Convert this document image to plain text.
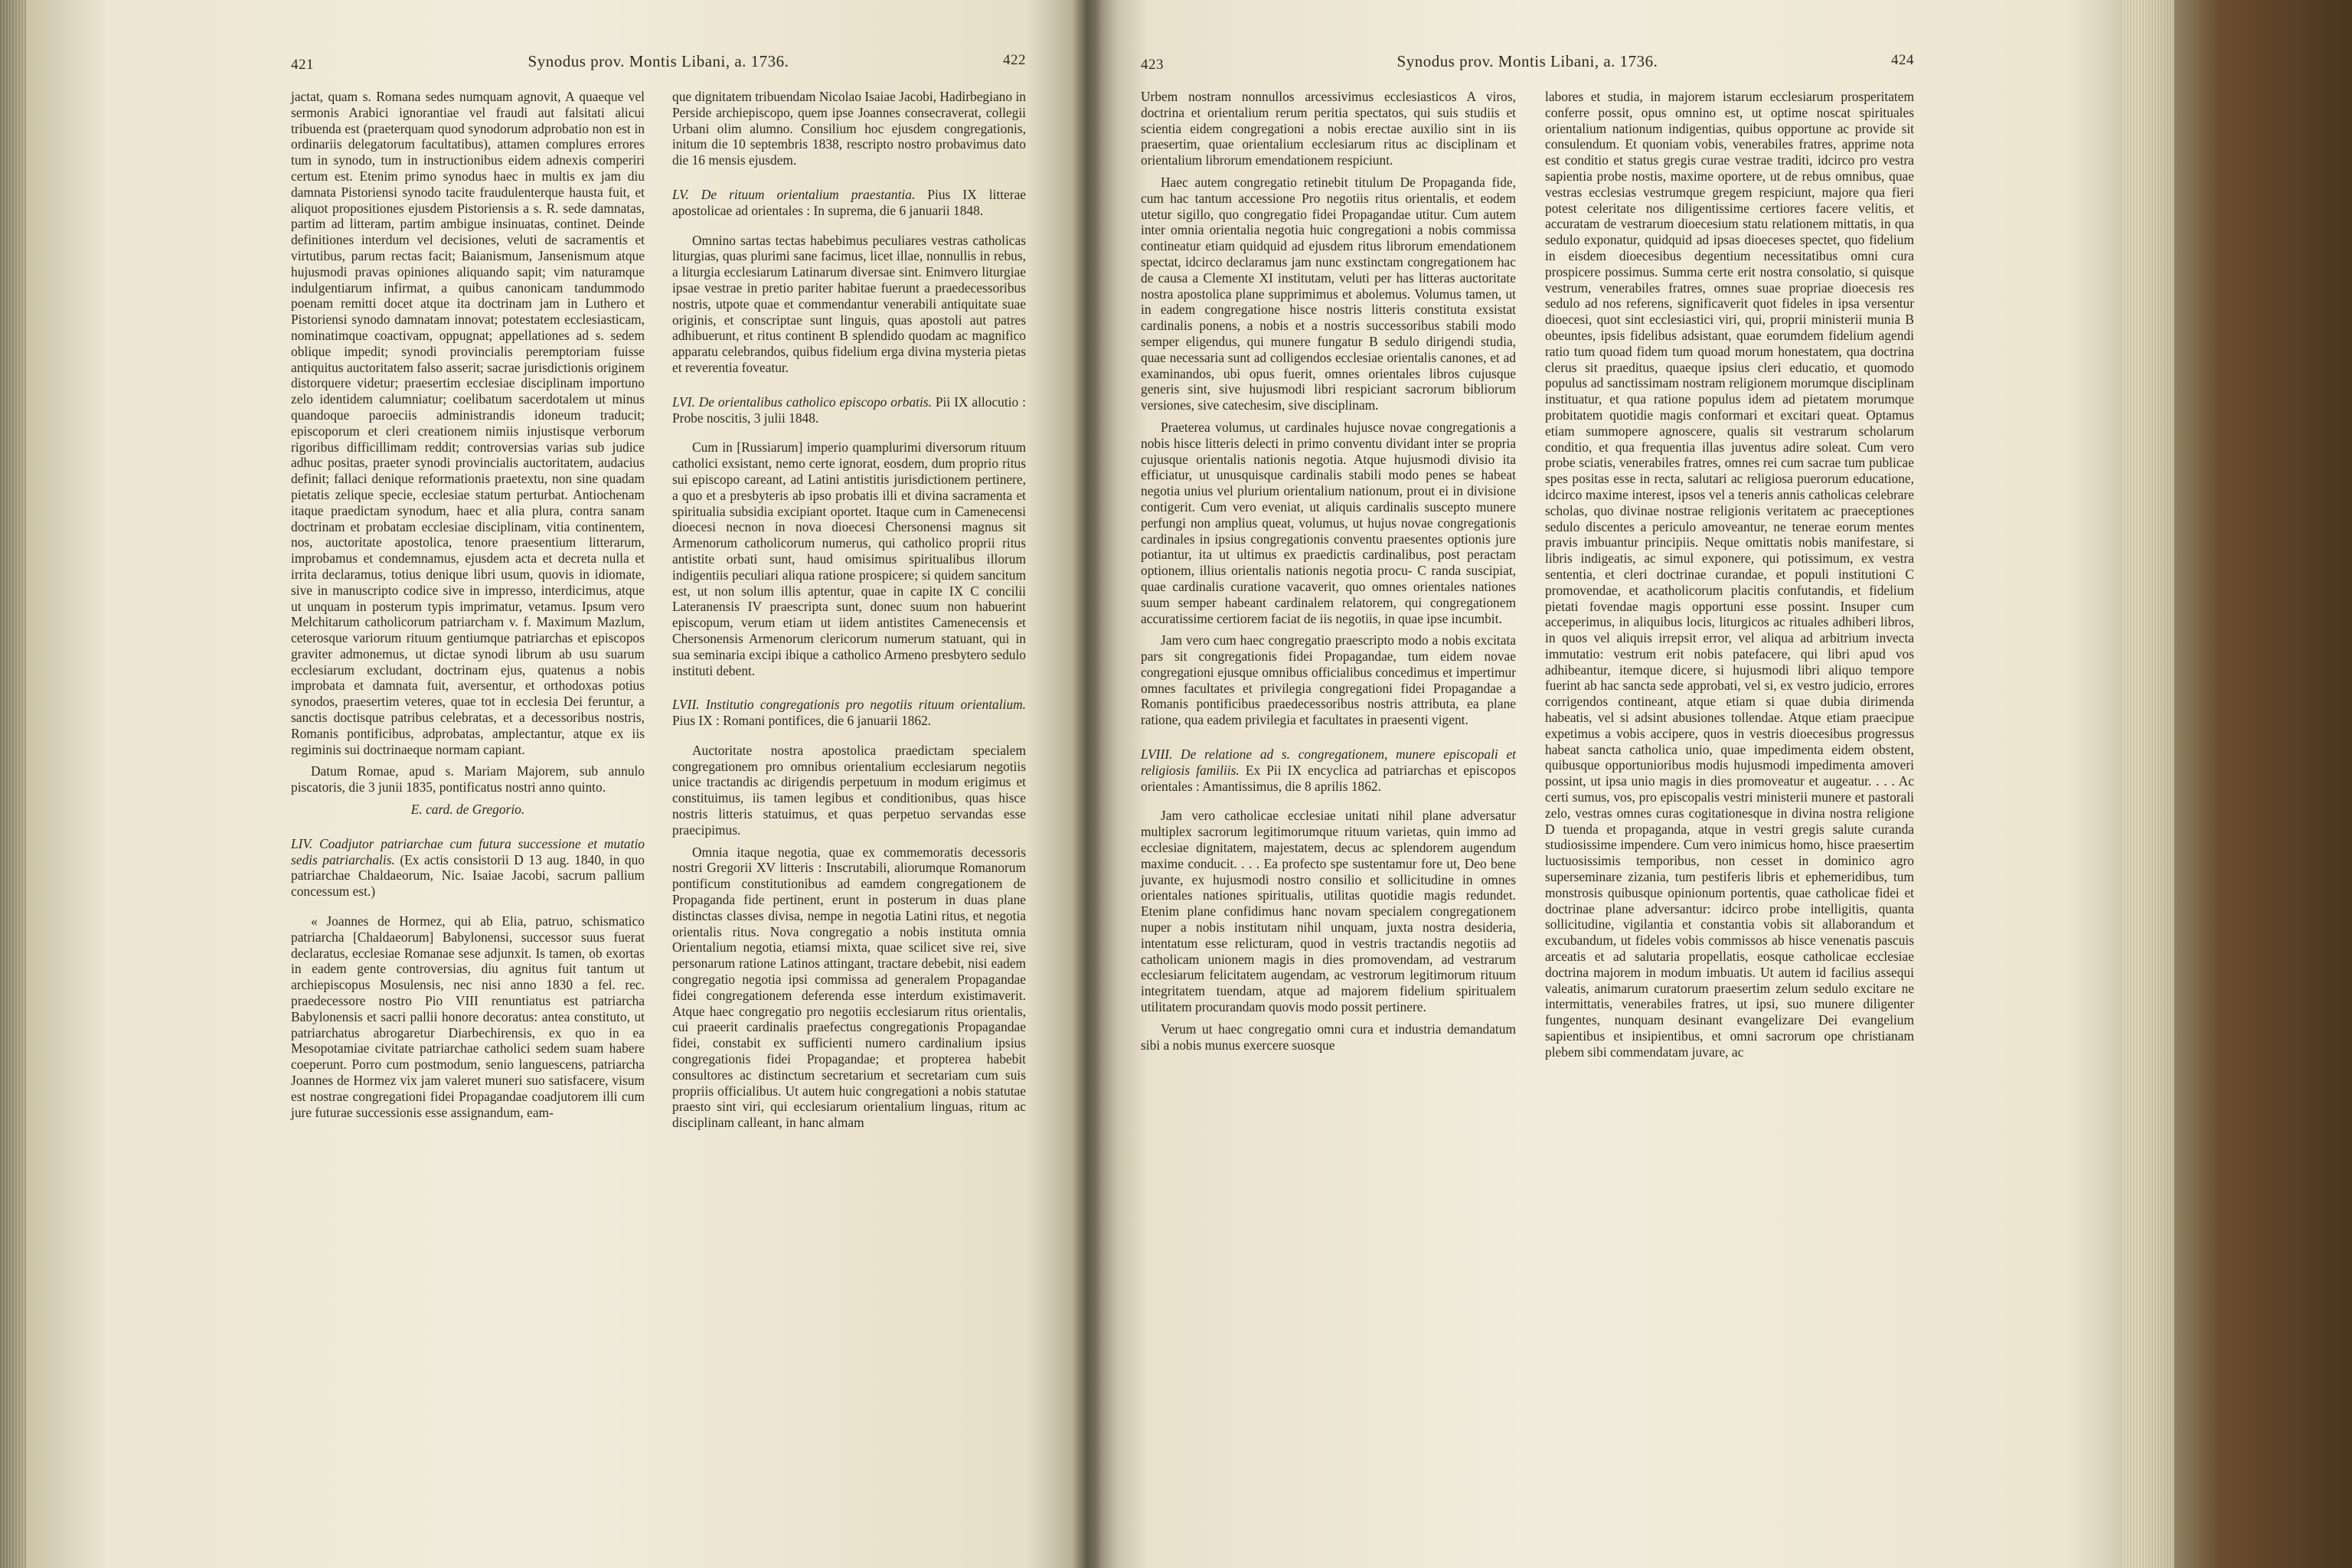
421	Synodus prov. Montis Libani, a. 1736.	422

jactat, quam s. Romana sedes numquam agnovit, A quaeque vel sermonis Arabici ignorantiae vel fraudi aut falsitati alicui tribuenda est (praeterquam quod synodorum adprobatio non est in ordinariis delegatorum facultatibus), attamen complures errores tum in synodo, tum in instructionibus eidem adnexis comperiri certum est. Etenim primo synodus haec in multis ex jam diu damnata Pistoriensi synodo tacite fraudulenterque hausta fuit, et aliquot propositiones ejusdem Pistoriensis a s. R. sede damnatas, partim ad litteram, partim ambigue insinuatas, continet. Deinde definitiones interdum vel decisiones, veluti de sacramentis et virtutibus, parum rectas facit; Baianismum, Jansenismum atque hujusmodi pravas opiniones aliquando sapit; vim naturamque indulgentiarum infirmat, a quibus canonicam tandummodo poenam remitti docet atque ita doctrinam jam in Luthero et Pistoriensi synodo damnatam innovat; potestatem ecclesiasticam, nominatimque coactivam, oppugnat; appellationes ad s. sedem oblique impedit; synodi provincialis peremptoriam fuisse antiquitus auctoritatem falso asserit; sacrae jurisdictionis originem distorquere videtur; praesertim ecclesiae disciplinam importuno zelo identidem calumniatur; coelibatum sacerdotalem ut minus quandoque paroeciis administrandis idoneum traducit; episcoporum et cleri creationem nimiis injustisque verborum rigoribus difficillimam reddit; controversias varias sub judice adhuc positas, praeter synodi provincialis auctoritatem, audacius definit; fallaci denique reformationis praetextu, non sine quadam pietatis zelique specie, ecclesiae statum perturbat. Antiochenam itaque praedictam synodum, haec et alia plura, contra sanam doctrinam et probatam ecclesiae disciplinam, vitia continentem, nos, auctoritate apostolica, tenore praesentium litterarum, improbamus et condemnamus, ejusdem acta et decreta nulla et irrita declaramus, totius denique libri usum, quovis in idiomate, sive in manuscripto codice sive in impresso, interdicimus, atque ut unquam in posterum typis imprimatur, vetamus. Ipsum vero Melchitarum catholicorum patriarcham v. f. Maximum Mazlum, ceterosque variorum rituum gentiumque patriarchas et episcopos graviter admonemus, ut dictae synodi librum ab usu suarum ecclesiarum excludant, doctrinam ejus, quatenus a nobis improbata et damnata fuit, aversentur, et orthodoxas potius synodos, praesertim veteres, quae tot in ecclesia Dei feruntur, a sanctis doctisque patribus celebratas, et a decessoribus nostris, Romanis pontificibus, adprobatas, amplectantur, atque ex iis regiminis sui doctrinaeque normam capiant.

Datum Romae, apud s. Mariam Majorem, sub annulo piscatoris, die 3 junii 1835, pontificatus nostri anno quinto.

E. card. de Gregorio.

LIV. Coadjutor patriarchae cum futura successione et mutatio sedis patriarchalis. (Ex actis consistorii D 13 aug. 1840, in quo patriarchae Chaldaeorum, Nic. Isaiae Jacobi, sacrum pallium concessum est.)

« Joannes de Hormez, qui ab Elia, patruo, schismatico patriarcha [Chaldaeorum] Babylonensi, successor suus fuerat declaratus, ecclesiae Romanae sese adjunxit. Is tamen, ob exortas in eadem gente controversias, diu agnitus fuit tantum ut archiepiscopus Mosulensis, nec nisi anno 1830 a fel. rec. praedecessore nostro Pio VIII renuntiatus est patriarcha Babylonensis et sacri pallii honore decoratus: antea constituto, ut patriarchatus abrogaretur Diarbechirensis, ex quo in ea Mesopotamiae civitate patriarchae catholici sedem suam habere coeperunt. Porro cum postmodum, senio languescens, patriarcha Joannes de Hormez vix jam valeret muneri suo satisfacere, visum est nostrae congregationi fidei Propagandae coadjutorem illi cum jure futurae successionis esse assignandum, eam-

que dignitatem tribuendam Nicolao Isaiae Jacobi, Hadirbegiano in Perside archiepiscopo, quem ipse Joannes consecraverat, collegii Urbani olim alumno. Consilium hoc ejusdem congregationis, initum die 10 septembris 1838, rescripto nostro probavimus dato die 16 mensis ejusdem.

LV. De rituum orientalium praestantia. Pius IX litterae apostolicae ad orientales : In suprema, die 6 januarii 1848.

Omnino sartas tectas habebimus peculiares vestras catholicas liturgias, quas plurimi sane facimus, licet illae, nonnullis in rebus, a liturgia ecclesiarum Latinarum diversae sint. Enimvero liturgiae ipsae vestrae in pretio pariter habitae fuerunt a praedecessoribus nostris, utpote quae et commendantur venerabili antiquitate suae originis, et conscriptae sunt linguis, quas apostoli aut patres adhibuerunt, et ritus continent B splendido quodam ac magnifico apparatu celebrandos, quibus fidelium erga divina mysteria pietas et reverentia foveatur.

LVI. De orientalibus catholico episcopo orbatis. Pii IX allocutio : Probe noscitis, 3 julii 1848.

Cum in [Russiarum] imperio quamplurimi diversorum rituum catholici exsistant, nemo certe ignorat, eosdem, dum proprio ritus sui episcopo careant, ad Latini antistitis jurisdictionem pertinere, a quo et a presbyteris ab ipso probatis illi et divina sacramenta et spiritualia subsidia excipiant oportet. Itaque cum in Camenecensi dioecesi necnon in nova dioecesi Chersonensi magnus sit Armenorum catholicorum numerus, qui catholico proprii ritus antistite orbati sunt, haud omisimus spiritualibus illorum indigentiis peculiari aliqua ratione prospicere; si quidem sancitum est, ut non solum illis aptentur, quae in capite IX C concilii Lateranensis IV praescripta sunt, donec suum non habuerint episcopum, verum etiam ut iidem antistites Camenecensis et Chersonensis Armenorum clericorum numerum statuant, qui in sua seminaria excipi ibique a catholico Armeno presbytero sedulo instituti debent.

LVII. Institutio congregationis pro negotiis rituum orientalium. Pius IX : Romani pontifices, die 6 januarii 1862.

Auctoritate nostra apostolica praedictam specialem congregationem pro omnibus orientalium ecclesiarum negotiis unice tractandis ac dirigendis perpetuum in modum erigimus et constituimus, iis tamen legibus et conditionibus, quas hisce nostris litteris statuimus, et quas perpetuo servandas esse praecipimus.

Omnia itaque negotia, quae ex commemoratis decessoris nostri Gregorii XV litteris : Inscrutabili, aliorumque Romanorum pontificum constitutionibus ad eamdem congregationem de Propaganda fide pertinent, erunt in posterum in duas plane distinctas classes divisa, nempe in negotia Latini ritus, et negotia orientalis ritus. Nova congregatio a nobis instituta omnia Orientalium negotia, etiamsi mixta, quae scilicet sive rei, sive personarum ratione Latinos attingant, tractare debebit, nisi eadem congregatio negotia ipsi commissa ad generalem Propagandae fidei congregationem deferenda esse interdum existimaverit. Atque haec congregatio pro negotiis ecclesiarum ritus orientalis, cui praeerit cardinalis praefectus congregationis Propagandae fidei, constabit ex sufficienti numero cardinalium ipsius congregationis fidei Propagandae; et propterea habebit consultores ac distinctum secretarium et secretariam cum suis propriis officialibus. Ut autem huic congregationi a nobis statutae praesto sint viri, qui ecclesiarum orientalium linguas, ritum ac disciplinam calleant, in hanc almam

423	Synodus prov. Montis Libani, a. 1736.	424

Urbem nostram nonnullos arcessivimus ecclesiasticos A viros, doctrina et orientalium rerum peritia spectatos, qui suis studiis et scientia eidem congregationi a nobis erectae auxilio sint in iis praesertim, quae orientalium ecclesiarum ritus ac disciplinam et orientalium librorum emendationem respiciunt.

Haec autem congregatio retinebit titulum De Propaganda fide, cum hac tantum accessione Pro negotiis ritus orientalis, et eodem utetur sigillo, quo congregatio fidei Propagandae utitur. Cum autem inter omnia orientalia negotia huic congregationi a nobis commissa contineatur etiam quidquid ad ejusdem ritus librorum emendationem spectat, idcirco declaramus jam nunc exstinctam congregationem hac de causa a Clemente XI institutam, veluti per has litteras auctoritate nostra apostolica plane supprimimus et abolemus. Volumus tamen, ut in eadem congregatione hisce nostris litteris constituta exsistat cardinalis ponens, a nobis et a nostris successoribus stabili modo semper eligendus, qui munere fungatur B sedulo dirigendi studia, quae necessaria sunt ad colligendos ecclesiae orientalis canones, et ad examinandos, ubi opus fuerit, omnes orientales libros cujusque generis sint, sive hujusmodi libri respiciant sacrorum bibliorum versiones, sive catechesim, sive disciplinam.

Praeterea volumus, ut cardinales hujusce novae congregationis a nobis hisce litteris delecti in primo conventu dividant inter se propria cujusque orientalis nationis negotia. Atque hujusmodi divisio ita efficiatur, ut unusquisque cardinalis stabili modo penes se habeat negotia unius vel plurium orientalium nationum, prout ei in divisione contigerit. Cum vero eveniat, ut aliquis cardinalis suscepto munere perfungi non amplius queat, volumus, ut hujus novae congregationis cardinales in ipsius congregationis conventu praesentes optionis jure potiantur, ita ut ultimus ex praedictis cardinalibus, post peractam optionem, illius orientalis nationis negotia procu- C randa suscipiat, quae cardinalis curatione vacaverit, quo omnes orientales nationes suum semper habeant cardinalem relatorem, qui congregationem accuratissime certiorem faciat de iis negotiis, in quae ipse incumbit.

Jam vero cum haec congregatio praescripto modo a nobis excitata pars sit congregationis fidei Propagandae, tum eidem novae congregationi ejusque omnibus officialibus concedimus et impertimur omnes facultates et privilegia congregationi fidei Propagandae a Romanis pontificibus praedecessoribus nostris attributa, ea plane ratione, qua eadem privilegia et facultates in praesenti vigent.

LVIII. De relatione ad s. congregationem, munere episcopali et religiosis familiis. Ex Pii IX encyclica ad patriarchas et episcopos orientales : Amantissimus, die 8 aprilis 1862.

Jam vero catholicae ecclesiae unitati nihil plane adversatur multiplex sacrorum legitimorumque rituum varietas, quin immo ad ecclesiae dignitatem, majestatem, decus ac splendorem augendum maxime conducit. . . . Ea profecto spe sustentamur fore ut, Deo bene juvante, ex hujusmodi nostro consilio et sollicitudine in omnes orientales nationes spiritualis, utilitas quotidie magis redundet. Etenim plane confidimus hanc novam specialem congregationem nuper a nobis institutam nihil unquam, juxta nostra desideria, intentatum esse relicturam, quod in vestris tractandis negotiis ad catholicam unionem magis in dies promovendam, ad vestrarum ecclesiarum felicitatem augendam, ac vestrorum legitimorum rituum integritatem tuendam, atque ad majorem fidelium spiritualem utilitatem procurandam quovis modo possit pertinere.

Verum ut haec congregatio omni cura et industria demandatum sibi a nobis munus exercere suosque

labores et studia, in majorem istarum ecclesiarum prosperitatem conferre possit, opus omnino est, ut optime noscat spirituales orientalium nationum indigentias, quibus opportune ac provide sit consulendum. Et quoniam vobis, venerabiles fratres, apprime nota est conditio et status gregis curae vestrae traditi, idcirco pro vestra sapientia probe nostis, maxime oportere, ut de rebus omnibus, quae vestras ecclesias vestrumque gregem respiciunt, majore qua fieri potest celeritate nos diligentissime certiores facere velitis, et accuratam de vestrarum dioecesium statu relationem mittatis, in qua sedulo exponatur, quidquid ad ipsas dioeceses spectet, quo fidelium in eisdem dioecesibus degentium necessitatibus omni cura prospicere possimus. Summa certe erit nostra consolatio, si quisque vestrum, venerabiles fratres, omnes suae propriae dioecesis res sedulo ad nos referens, significaverit quot fideles in ipsa versentur dioecesi, quot sint ecclesiastici viri, qui, proprii ministerii munia B obeuntes, ipsis fidelibus adsistant, quae eorumdem fidelium agendi ratio tum quoad fidem tum quoad morum honestatem, qua doctrina clerus sit praeditus, quaeque ipsius cleri educatio, et quomodo populus ad sanctissimam nostram religionem morumque disciplinam instituatur, et qua ratione populus idem ad pietatem morumque probitatem quotidie magis conformari et excitari queat. Optamus etiam summopere agnoscere, qualis sit vestrarum scholarum conditio, et qua frequentia illas juventus adire soleat. Cum vero probe sciatis, venerabiles fratres, omnes rei cum sacrae tum publicae spes positas esse in recta, salutari ac religiosa puerorum educatione, idcirco maxime interest, ipsos vel a teneris annis catholicas celebrare scholas, quo divinae nostrae religionis veritatem ac praeceptiones sedulo discentes a periculo amoveantur, ne tenerae eorum mentes pravis imbuantur principiis. Neque omittatis nobis manifestare, si libris indigeatis, ac simul exponere, qui potissimum, ex vestra sententia, et cleri doctrinae curandae, et populi institutioni C promovendae, et acatholicorum placitis confutandis, et fidelium pietati fovendae magis opportuni esse possint. Insuper cum acceperimus, in aliquibus locis, liturgicos ac rituales adhiberi libros, in quos vel aliquis irrepsit error, vel aliqua ad arbitrium invecta immutatio: vestrum erit nobis patefacere, qui libri apud vos adhibeantur, itemque dicere, si hujusmodi libri aliquo tempore fuerint ab hac sancta sede approbati, vel si, ex vestro judicio, errores corrigendos contineant, atque etiam si quae dubia dirimenda habeatis, vel si adsint abusiones tollendae. Atque etiam praecipue expetimus a vobis accipere, quos in vestris dioecesibus progressus habeat sancta catholica unio, quae impedimenta eidem obstent, quibusque opportunioribus modis hujusmodi impedimenta amoveri possint, ut ipsa unio magis in dies promoveatur et augeatur. . . . Ac certi sumus, vos, pro episcopalis vestri ministerii munere et pastorali zelo, vestras omnes curas cogitationesque in divina nostra religione D tuenda et propaganda, atque in vestri gregis salute curanda studiosissime impendere. Cum vero inimicus homo, hisce praesertim luctuosissimis temporibus, non cesset in dominico agro superseminare zizania, tum pestiferis libris et ephemeridibus, tum monstrosis quibusque opinionum portentis, quae catholicae fidei et doctrinae plane adversantur: idcirco probe intelligitis, quanta sollicitudine, vigilantia et constantia vobis sit allaborandum et excubandum, ut fideles vobis commissos ab hisce venenatis pascuis arceatis et ad salutaria propellatis, eosque catholicae ecclesiae doctrina majorem in modum imbuatis. Ut autem id facilius assequi valeatis, animarum curatorum praesertim zelum sedulo excitare ne intermittatis, venerabiles fratres, ut ipsi, suo munere diligenter fungentes, nunquam desinant evangelizare Dei evangelium sapientibus et insipientibus, et omni sacrorum ope christianam plebem sibi commendatam juvare, ac
